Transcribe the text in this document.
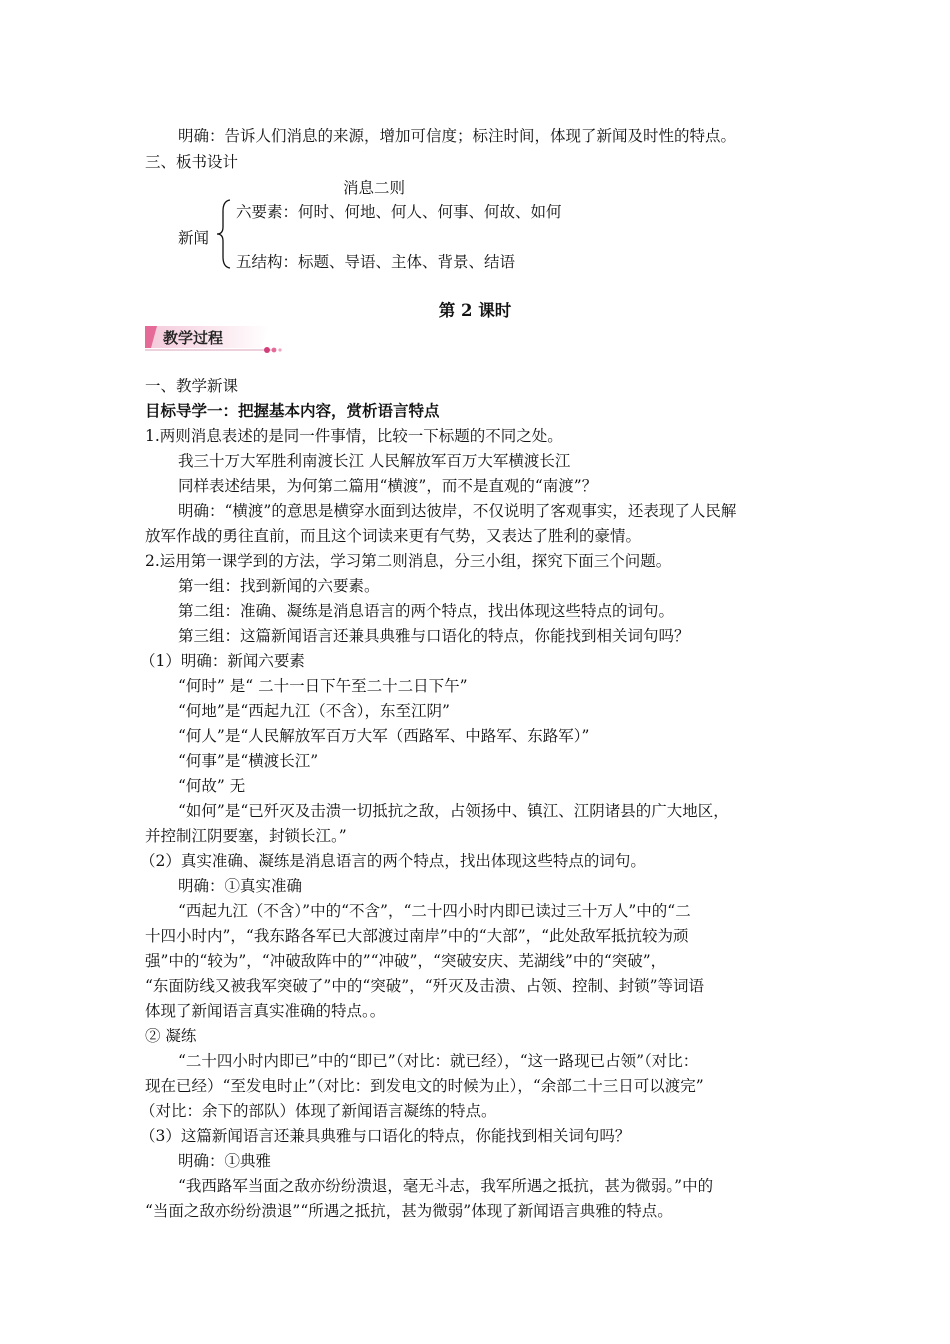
明确：告诉人们消息的来源，增加可信度；标注时间，体现了新闻及时性的特点。
三、板书设计
消息二则
新闻
六要素：何时、何地、何人、何事、何故、如何
五结构：标题、导语、主体、背景、结语
第 2 课时
教学过程
一、教学新课
目标导学一：把握基本内容，赏析语言特点
1.两则消息表述的是同一件事情，比较一下标题的不同之处。
我三十万大军胜利南渡长江 人民解放军百万大军横渡长江
同样表述结果，为何第二篇用“横渡”，而不是直观的“南渡”？
明确：“横渡”的意思是横穿水面到达彼岸，不仅说明了客观事实，还表现了人民解
放军作战的勇往直前，而且这个词读来更有气势，又表达了胜利的豪情。
2.运用第一课学到的方法，学习第二则消息，分三小组，探究下面三个问题。
第一组：找到新闻的六要素。
第二组：准确、凝练是消息语言的两个特点，找出体现这些特点的词句。
第三组：这篇新闻语言还兼具典雅与口语化的特点，你能找到相关词句吗？
（1）明确：新闻六要素
“何时” 是“ 二十一日下午至二十二日下午”
“何地”是“西起九江（不含），东至江阴”
“何人”是“人民解放军百万大军（西路军、中路军、东路军）”
“何事”是“横渡长江”
“何故” 无
“如何”是“已歼灭及击溃一切抵抗之敌，占领扬中、镇江、江阴诸县的广大地区，
并控制江阴要塞，封锁长江。”
（2）真实准确、凝练是消息语言的两个特点，找出体现这些特点的词句。
明确：①真实准确
“西起九江（不含）”中的“不含”，“二十四小时内即已读过三十万人”中的“二
十四小时内”，“我东路各军已大部渡过南岸”中的“大部”，“此处敌军抵抗较为顽
强”中的“较为”，“冲破敌阵中的”“冲破”，“突破安庆、芜湖线”中的“突破”，
“东面防线又被我军突破了”中的“突破”，“歼灭及击溃、占领、控制、封锁”等词语
体现了新闻语言真实准确的特点。。
② 凝练
“二十四小时内即已”中的“即已”（对比：就已经），“这一路现已占领”（对比：
现在已经）“至发电时止”（对比：到发电文的时候为止），“余部二十三日可以渡完”
（对比：余下的部队）体现了新闻语言凝练的特点。
（3）这篇新闻语言还兼具典雅与口语化的特点，你能找到相关词句吗？
明确：①典雅
“我西路军当面之敌亦纷纷溃退，毫无斗志，我军所遇之抵抗，甚为微弱。”中的
“当面之敌亦纷纷溃退”“所遇之抵抗，甚为微弱”体现了新闻语言典雅的特点。
